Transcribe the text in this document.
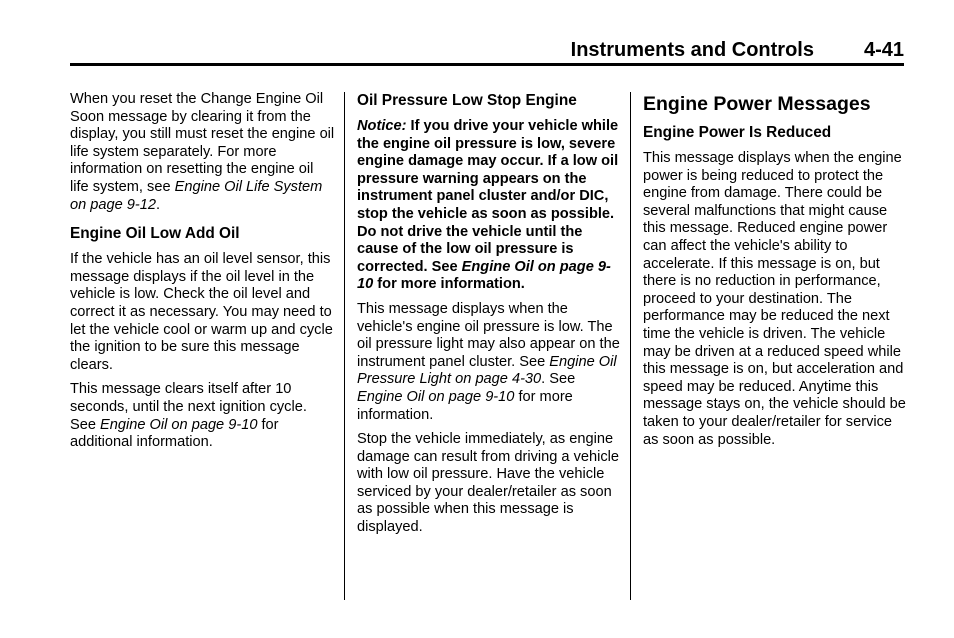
Instruments and Controls 4-41

When you reset the Change Engine Oil Soon message by clearing it from the display, you still must reset the engine oil life system separately. For more information on resetting the engine oil life system, see Engine Oil Life System on page 9-12.

Engine Oil Low Add Oil

If the vehicle has an oil level sensor, this message displays if the oil level in the vehicle is low. Check the oil level and correct it as necessary. You may need to let the vehicle cool or warm up and cycle the ignition to be sure this message clears.

This message clears itself after 10 seconds, until the next ignition cycle. See Engine Oil on page 9-10 for additional information.

Oil Pressure Low Stop Engine

Notice: If you drive your vehicle while the engine oil pressure is low, severe engine damage may occur. If a low oil pressure warning appears on the instrument panel cluster and/or DIC, stop the vehicle as soon as possible. Do not drive the vehicle until the cause of the low oil pressure is corrected. See Engine Oil on page 9-10 for more information.

This message displays when the vehicle's engine oil pressure is low. The oil pressure light may also appear on the instrument panel cluster. See Engine Oil Pressure Light on page 4-30. See Engine Oil on page 9-10 for more information.

Stop the vehicle immediately, as engine damage can result from driving a vehicle with low oil pressure. Have the vehicle serviced by your dealer/retailer as soon as possible when this message is displayed.

Engine Power Messages
Engine Power Is Reduced

This message displays when the engine power is being reduced to protect the engine from damage. There could be several malfunctions that might cause this message. Reduced engine power can affect the vehicle's ability to accelerate. If this message is on, but there is no reduction in performance, proceed to your destination. The performance may be reduced the next time the vehicle is driven. The vehicle may be driven at a reduced speed while this message is on, but acceleration and speed may be reduced. Anytime this message stays on, the vehicle should be taken to your dealer/retailer for service as soon as possible.
